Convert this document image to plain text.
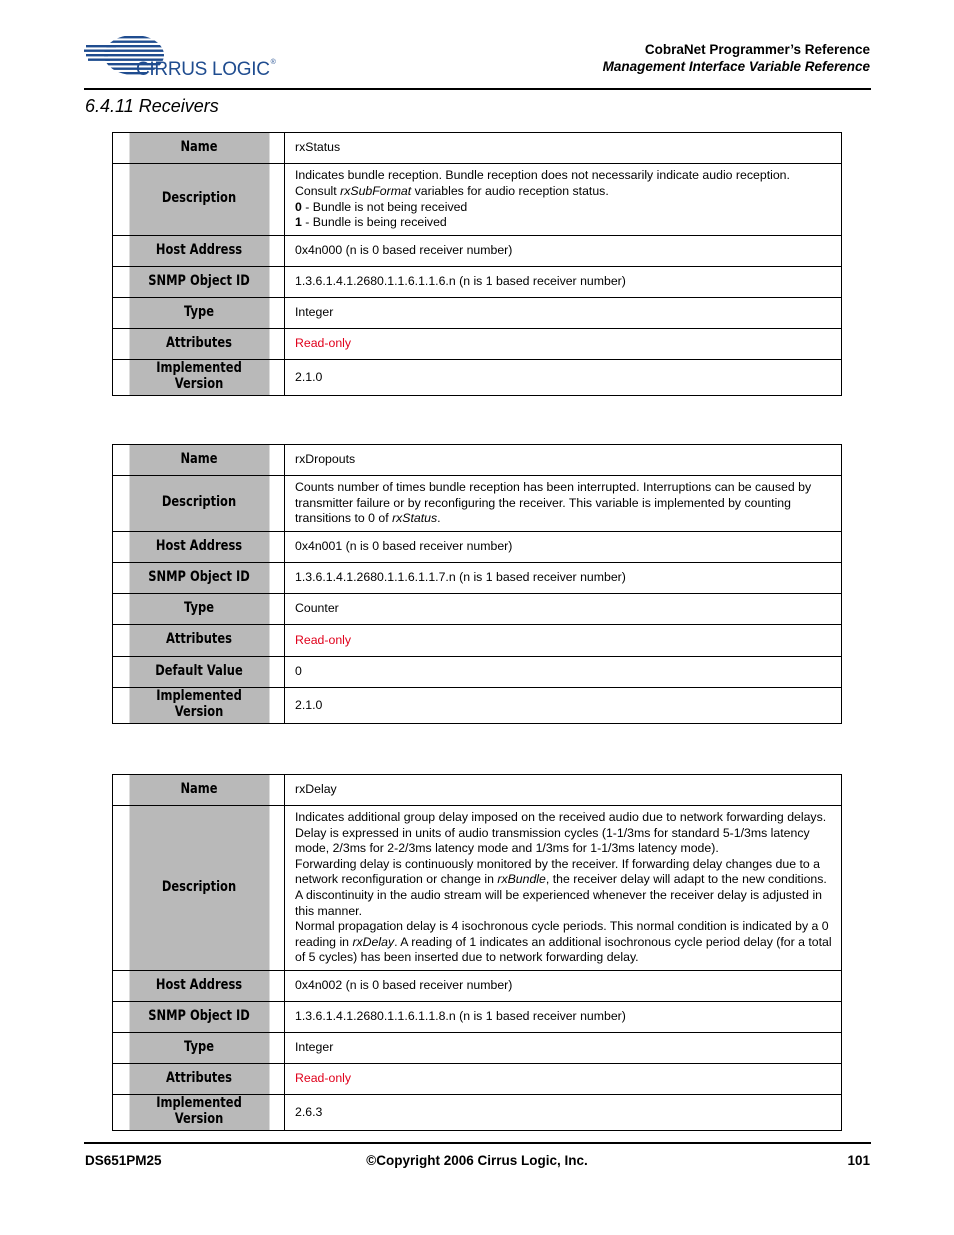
CIRRUS LOGIC®
CobraNet Programmer’s Reference
Management Interface Variable Reference
6.4.11 Receivers
Name	rxStatus
Description	Indicates bundle reception. Bundle reception does not necessarily indicate audio reception. Consult rxSubFormat variables for audio reception status.
0 - Bundle is not being received
1 - Bundle is being received
Host Address	0x4n000 (n is 0 based receiver number)
SNMP Object ID	1.3.6.1.4.1.2680.1.1.6.1.1.6.n (n is 1 based receiver number)
Type	Integer
Attributes	Read-only
Implemented Version	2.1.0
Name	rxDropouts
Description	Counts number of times bundle reception has been interrupted. Interruptions can be caused by transmitter failure or by reconfiguring the receiver. This variable is implemented by counting transitions to 0 of rxStatus.
Host Address	0x4n001 (n is 0 based receiver number)
SNMP Object ID	1.3.6.1.4.1.2680.1.1.6.1.1.7.n (n is 1 based receiver number)
Type	Counter
Attributes	Read-only
Default Value	0
Implemented Version	2.1.0
Name	rxDelay
Description	Indicates additional group delay imposed on the received audio due to network forwarding delays. Delay is expressed in units of audio transmission cycles (1-1/3ms for standard 5-1/3ms latency mode, 2/3ms for 2-2/3ms latency mode and 1/3ms for 1-1/3ms latency mode).
Forwarding delay is continuously monitored by the receiver. If forwarding delay changes due to a network reconfiguration or change in rxBundle, the receiver delay will adapt to the new conditions. A discontinuity in the audio stream will be experienced whenever the receiver delay is adjusted in this manner.
Normal propagation delay is 4 isochronous cycle periods. This normal condition is indicated by a 0 reading in rxDelay. A reading of 1 indicates an additional isochronous cycle period delay (for a total of 5 cycles) has been inserted due to network forwarding delay.
Host Address	0x4n002 (n is 0 based receiver number)
SNMP Object ID	1.3.6.1.4.1.2680.1.1.6.1.1.8.n (n is 1 based receiver number)
Type	Integer
Attributes	Read-only
Implemented Version	2.6.3
DS651PM25	©Copyright 2006 Cirrus Logic, Inc.	101
